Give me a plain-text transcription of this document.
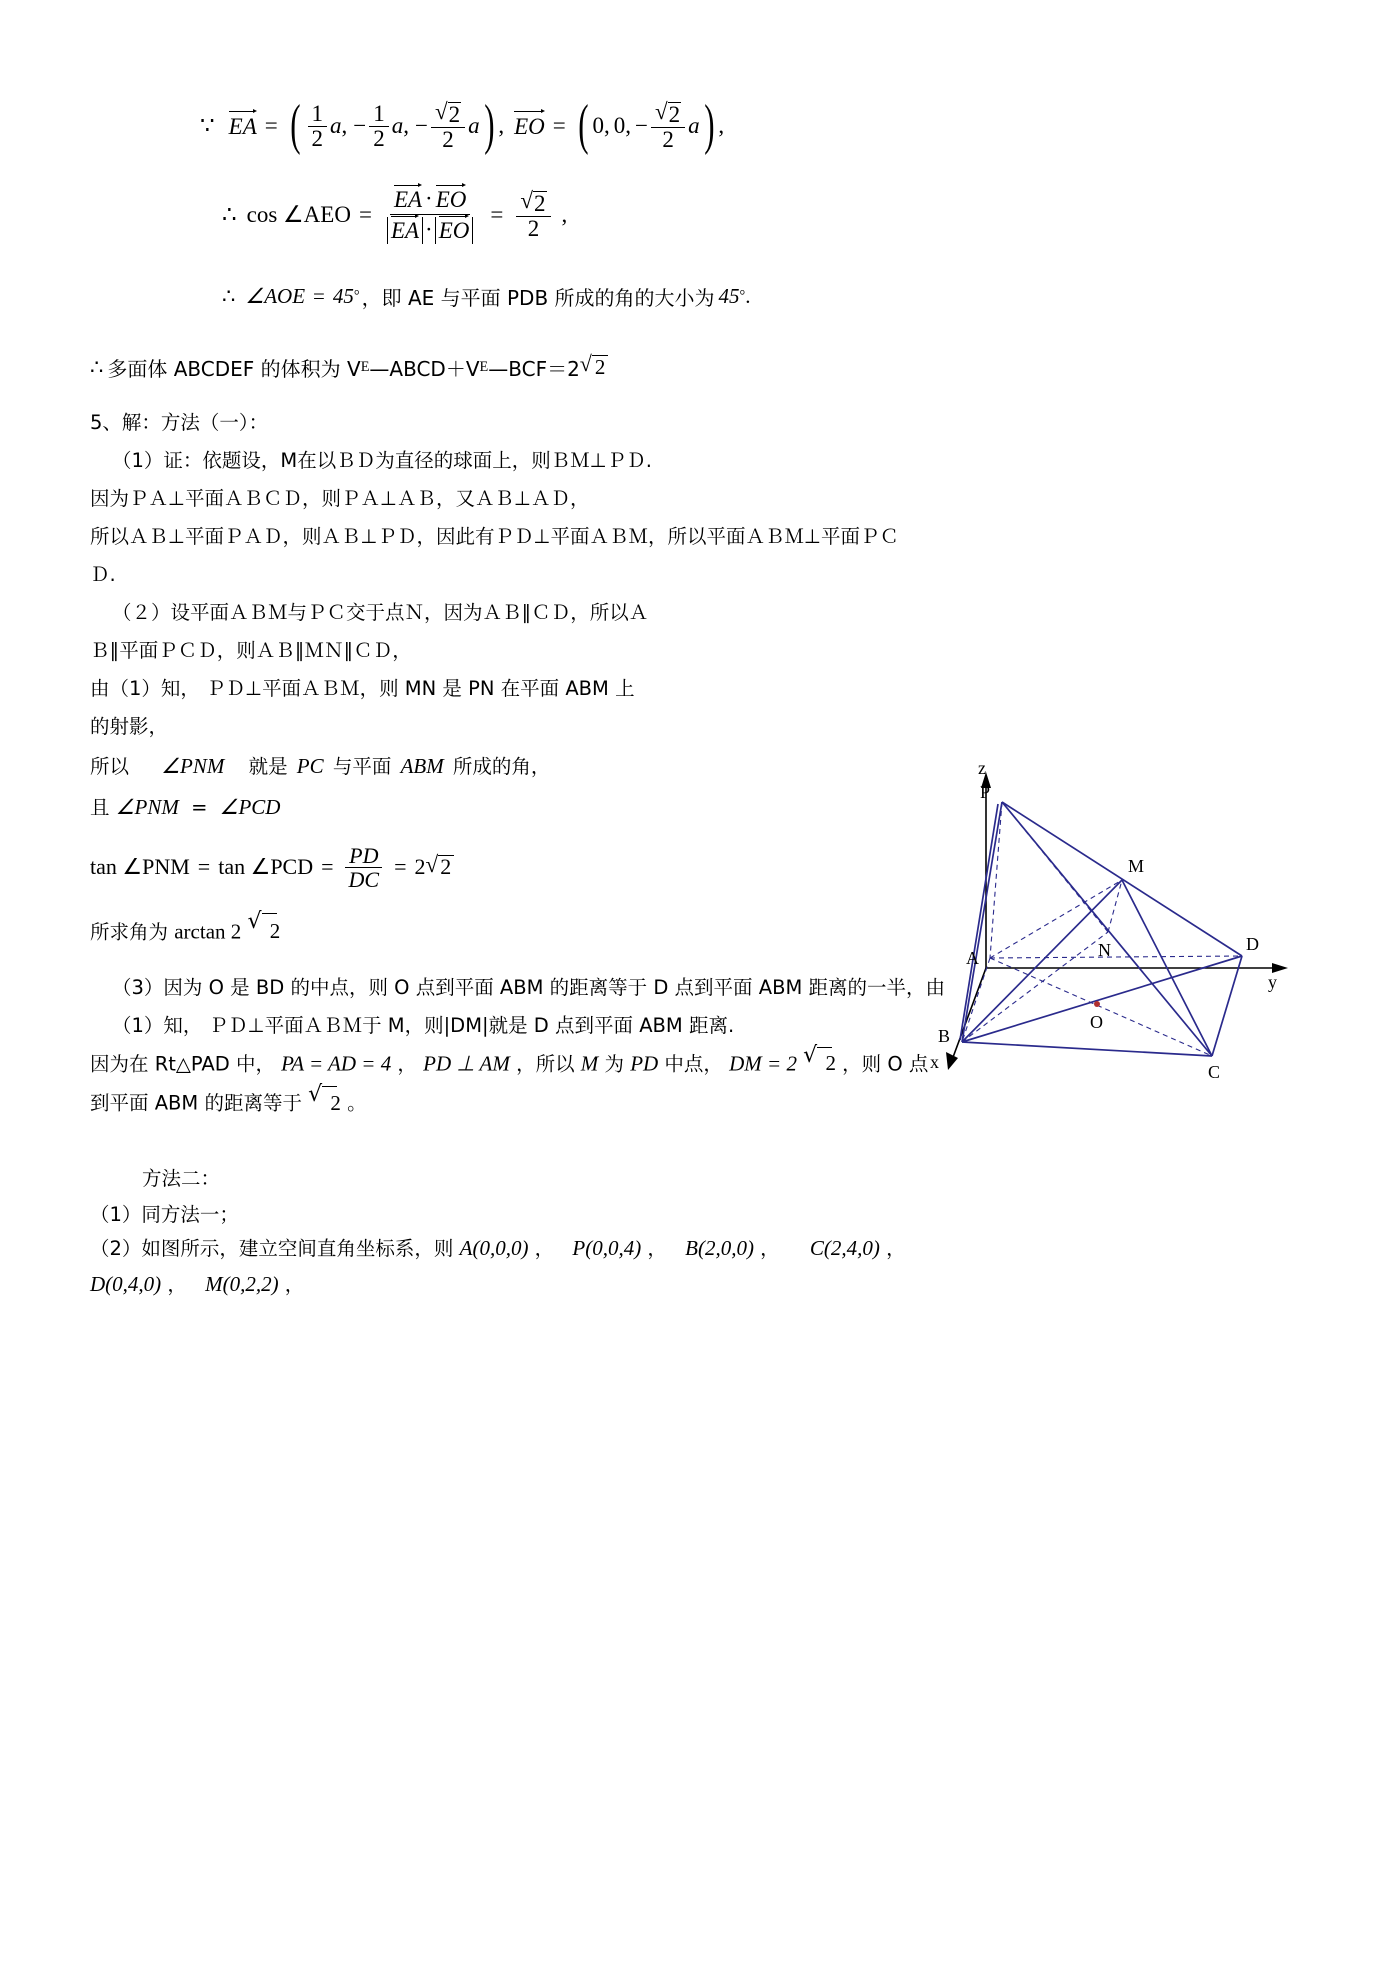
∵ EA = ( $\frac{1}{2}$ a , − $\frac{1}{2}$ a , − $\frac{√ 2}{2}$ a ) , EO = ( 0, 0, − $\frac{√ 2}{2}$ a ) ,
∴ cos ∠AEO = $\frac{EA \cdot EO}{EA \cdot EO} = \frac{√ 2}{2}$ ,
∴ ∠AOE = 45 ° ，即 AE 与平面 PDB 所成的角的大小为 45 ° .
∴ 多面体 ABCDEF 的体积为 V E —ABCD＋V E —BCF＝2 √
2

5、解：方法（一）：

（1）证：依题设，M在以ＢＤ为直径的球面上，则ＢＭ⊥ＰＤ.

因为ＰＡ⊥平面ＡＢＣＤ，则ＰＡ⊥ＡＢ，又ＡＢ⊥ＡＤ，

所以ＡＢ⊥平面ＰＡＤ，则ＡＢ⊥ＰＤ，因此有ＰＤ⊥平面ＡＢＭ，所以平面ＡＢＭ⊥平面ＰＣ

Ｄ.

（２）设平面ＡＢＭ与ＰＣ交于点Ｎ，因为ＡＢ∥ＣＤ，所以Ａ

Ｂ∥平面ＰＣＤ，则ＡＢ∥ＭＮ∥ＣＤ，

由（1）知， ＰＤ⊥平面ＡＢＭ，则 MN 是 PN 在平面 ABM 上

的射影，

所以 ∠PNM 就是 PC 与平面 ABM 所成的角，

且 ∠PNM = ∠PCD

tan ∠PNM = tan ∠PCD = $\frac{PD}{DC} = 2$ √
2

所求角为 arctan 2 √
2

（3）因为 O 是 BD 的中点，则 O 点到平面 ABM 的距离等于 D 点到平面 ABM 距离的一半，由

（1）知， ＰＤ⊥平面ＡＢＭ于 M，则|DM|就是 D 点到平面 ABM 距离.

因为在 Rt△PAD 中， PA = AD = 4 ， PD ⊥ AM ，所以 M 为 PD 中点， DM = 2 √
2 ，则 O 点

到平面 ABM 的距离等于 √
2 。

方法二：

（1）同方法一；

（2）如图所示，建立空间直角坐标系，则 A(0,0,0) ， P(0,0,4) ， B(2,0,0) ， C(2,4,0) ，

D(0,4,0) ， M(0,2,2) ，

z
x
y
P
M
A	N	D
B
O
C
